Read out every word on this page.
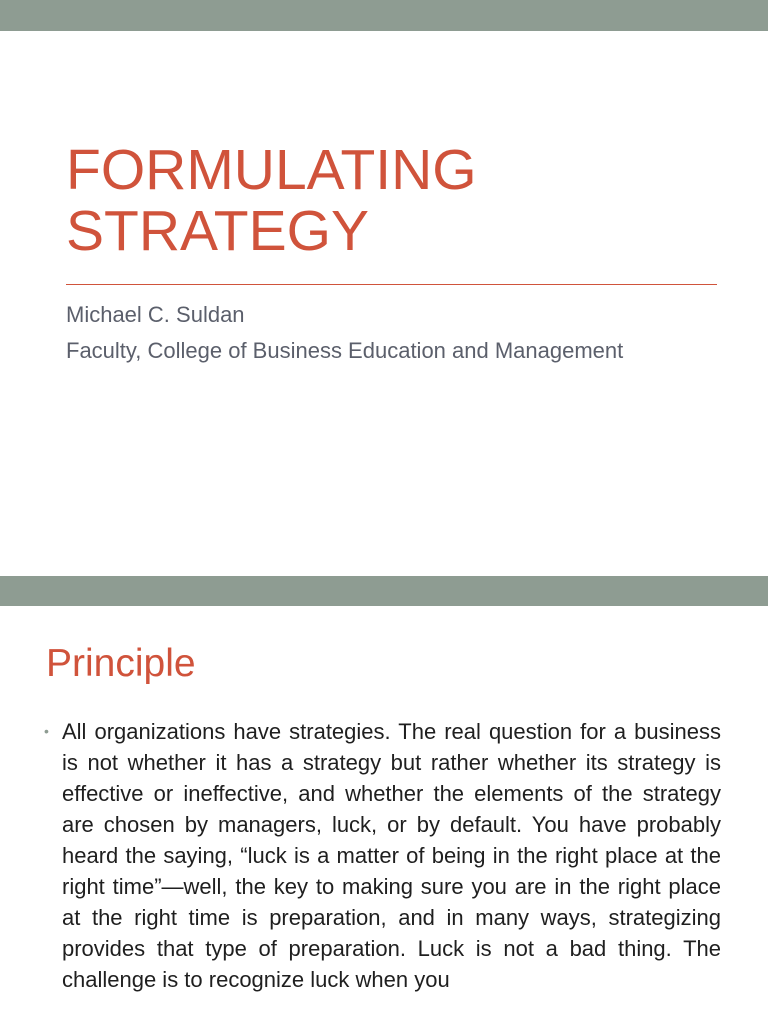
FORMULATING
STRATEGY
Michael C. Suldan
Faculty, College of Business Education and Management
Principle
• All organizations have strategies. The real question for a business is not whether it has a strategy but rather whether its strategy is effective or ineffective, and whether the elements of the strategy are chosen by managers, luck, or by default. You have probably heard the saying, “luck is a matter of being in the right place at the right time”—well, the key to making sure you are in the right place at the right time is preparation, and in many ways, strategizing provides that type of preparation. Luck is not a bad thing. The challenge is to recognize luck when you
